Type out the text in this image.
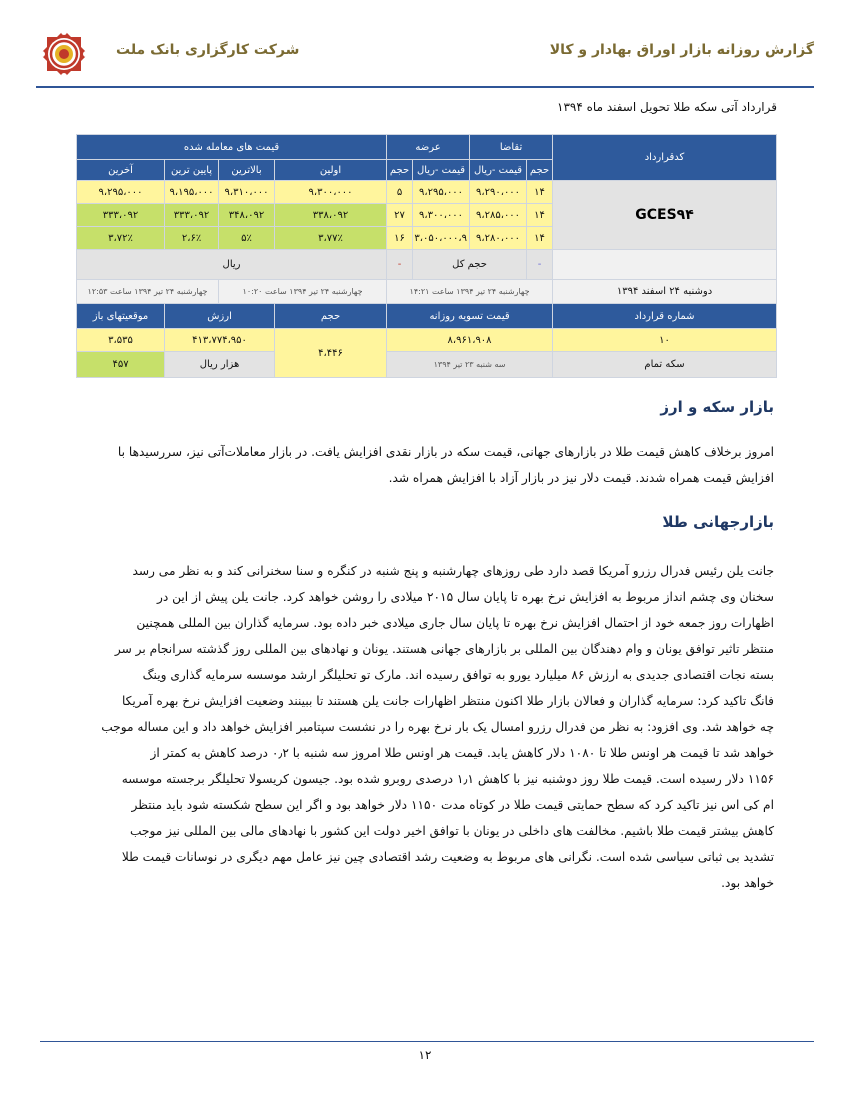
شرکت کارگزاری بانک ملت	گزارش روزانه بازار اوراق بهادار و کالا
قرارداد آتی سکه طلا تحویل اسفند ماه ۱۳۹۴
کدقرارداد	تقاضا		عرضه		قیمت های معامله شده			
	حجم	قیمت -ریال	قیمت -ریال	حجم	اولین	بالاترین	پایین ترین	آخرین
GCES۹۴	۱۴	۹،۲۹۰،۰۰۰	۹،۲۹۵،۰۰۰	۵	۹،۳۰۰،۰۰۰	۹،۳۱۰،۰۰۰	۹،۱۹۵،۰۰۰	۹،۲۹۵،۰۰۰
	۱۴	۹،۲۸۵،۰۰۰	۹،۳۰۰،۰۰۰	۲۷	۳۳۸،۰۹۲	۳۴۸،۰۹۲	۳۳۳،۰۹۲	۳۳۳،۰۹۲
	۱۴	۹،۲۸۰،۰۰۰	۳،۰۵۰،۰۰۰،۹	۱۶	۳،۷۷٪	۵٪	۲،۶٪	۳،۷۲٪
	-	حجم کل		-	ریال			
دوشنبه ۲۴ اسفند ۱۳۹۴	چهارشنبه ۲۴ تیر ۱۳۹۴ ساعت ۱۴:۲۱				چهارشنبه ۲۴ تیر ۱۳۹۴ ساعت ۱۰:۲۰		چهارشنبه ۲۴ تیر ۱۳۹۴ ساعت ۱۲:۵۳	
شماره قرارداد	قیمت تسویه روزانه				حجم	ارزش		موقعیتهای باز
۱۰	۸،۹۶۱،۹۰۸				۴،۴۴۶	۴۱۳،۷۷۴،۹۵۰		۳،۵۳۵
سکه تمام	سه شنبه ۲۳ تیر ۱۳۹۴					هزار ریال		۴۵۷
بازار سکه و ارز
امروز برخلاف کاهش قیمت طلا در بازارهای جهانی، قیمت سکه در بازار نقدی افزایش یافت. در بازار معاملات‌آتی نیز، سررسیدها با
افزایش قیمت همراه شدند. قیمت دلار نیز در بازار آزاد با افزایش همراه شد.
بازارجهانی طلا
جانت یلن رئیس فدرال رزرو آمریکا قصد دارد طی روزهای چهارشنبه و پنج شنبه در کنگره و سنا سخنرانی کند و به نظر می رسد
سخنان وی چشم انداز مربوط به افزایش نرخ بهره تا پایان سال ۲۰۱۵ میلادی را روشن خواهد کرد. جانت یلن پیش از این در
اظهارات روز جمعه خود از احتمال افزایش نرخ بهره تا پایان سال جاری میلادی خبر داده بود. سرمایه گذاران بین المللی همچنین
منتظر تاثیر توافق یونان و وام دهندگان بین المللی بر بازارهای جهانی هستند. یونان و نهادهای بین المللی روز گذشته سرانجام بر سر
بسته نجات اقتصادی جدیدی به ارزش ۸۶ میلیارد یورو به توافق رسیده اند. مارک تو تحلیلگر ارشد موسسه سرمایه گذاری وینگ
فانگ تاکید کرد: سرمایه گذاران و فعالان بازار طلا اکنون منتظر اظهارات جانت یلن هستند تا ببینند وضعیت افزایش نرخ بهره آمریکا
چه خواهد شد. وی افزود: به نظر من فدرال رزرو امسال یک بار نرخ بهره را در نشست سپتامبر افزایش خواهد داد و این مساله موجب
خواهد شد تا قیمت هر اونس طلا تا ۱۰۸۰ دلار کاهش یابد. قیمت هر اونس طلا امروز سه شنبه با ۰٫۲ درصد کاهش به کمتر از
۱۱۵۶ دلار رسیده است. قیمت طلا روز دوشنبه نیز با کاهش ۱٫۱ درصدی روبرو شده بود. جیسون کریسولا تحلیلگر برجسته موسسه
ام کی اس نیز تاکید کرد که سطح حمایتی قیمت طلا در کوتاه مدت ۱۱۵۰ دلار خواهد بود و اگر این سطح شکسته شود باید منتظر
کاهش بیشتر قیمت طلا باشیم. مخالفت های داخلی در یونان با توافق اخیر دولت این کشور با نهادهای مالی بین المللی نیز موجب
تشدید بی ثباتی سیاسی شده است. نگرانی های مربوط به وضعیت رشد اقتصادی چین نیز عامل مهم دیگری در نوسانات قیمت طلا
خواهد بود.
۱۲
